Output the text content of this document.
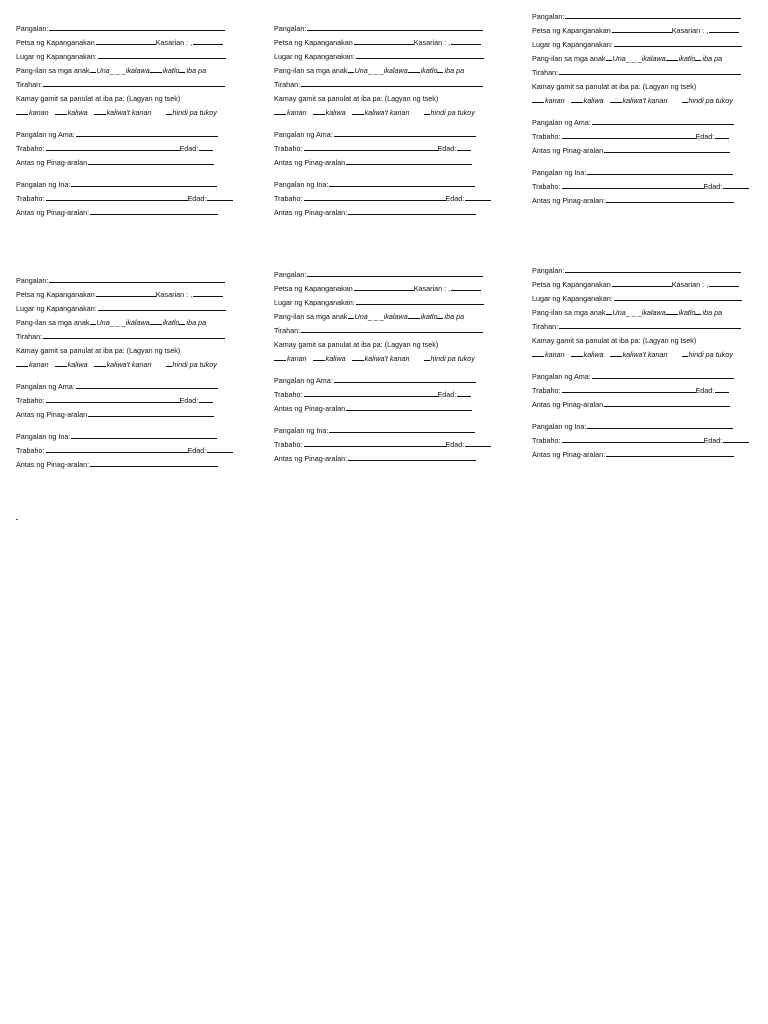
Pangalan:
Petsa ng Kapanganakan	Kasarian : ,
Lugar ng Kapanganakan:
Pang-ilan sa mga anak Una_ _ _ikalawa ikatlo iba pa
Tirahan:
Kamay gamit sa panulat at iba pa: (Lagyan ng tsek)
kanan	kaliwa	kaliwa't kanan	hindi pa tukoy
Pangalan ng Ama:
Trabaho:	Edad:
Antas ng Pinag-aralan
Pangalan ng Ina:
Trabaho:	Edad:
Antas ng Pinag-aralan:
Pangalan:
Petsa ng Kapanganakan	Kasarian : ,
Lugar ng Kapanganakan:
Pang-ilan sa mga anak Una_ _ _ikalawa ikatlo iba pa
Tirahan:
Kamay gamit sa panulat at iba pa: (Lagyan ng tsek)
kanan	kaliwa	kaliwa't kanan	hindi pa tukoy
Pangalan ng Ama:
Trabaho:	Edad:
Antas ng Pinag-aralan
Pangalan ng Ina:
Trabaho:	Edad:
Antas ng Pinag-aralan:
Pangalan:
Petsa ng Kapanganakan	Kasarian : ,
Lugar ng Kapanganakan:
Pang-ilan sa mga anak Una_ _ _ikalawa ikatlo iba pa
Tirahan:
Kamay gamit sa panulat at iba pa: (Lagyan ng tsek)
kanan	kaliwa	kaliwa't kanan	hindi pa tukoy
Pangalan ng Ama:
Trabaho:	Edad:
Antas ng Pinag-aralan
Pangalan ng Ina:
Trabaho:	Edad:
Antas ng Pinag-aralan:
Pangalan:
Petsa ng Kapanganakan	Kasarian : ,
Lugar ng Kapanganakan:
Pang-ilan sa mga anak Una_ _ _ikalawa ikatlo iba pa
Tirahan:
Kamay gamit sa panulat at iba pa: (Lagyan ng tsek)
kanan	kaliwa	kaliwa't kanan	hindi pa tukoy
Pangalan ng Ama:
Trabaho:	Edad:
Antas ng Pinag-aralan
Pangalan ng Ina:
Trabaho:	Edad:
Antas ng Pinag-aralan:
Pangalan:
Petsa ng Kapanganakan	Kasarian : ,
Lugar ng Kapanganakan:
Pang-ilan sa mga anak Una_ _ _ikalawa ikatlo iba pa
Tirahan:
Kamay gamit sa panulat at iba pa: (Lagyan ng tsek)
kanan	kaliwa	kaliwa't kanan	hindi pa tukoy
Pangalan ng Ama:
Trabaho:	Edad:
Antas ng Pinag-aralan
Pangalan ng Ina:
Trabaho:	Edad:
Antas ng Pinag-aralan:
Pangalan:
Petsa ng Kapanganakan	Kasarian : ,
Lugar ng Kapanganakan:
Pang-ilan sa mga anak Una_ _ _ikalawa ikatlo iba pa
Tirahan:
Kamay gamit sa panulat at iba pa: (Lagyan ng tsek)
kanan	kaliwa	kaliwa't kanan	hindi pa tukoy
Pangalan ng Ama:
Trabaho:	Edad:
Antas ng Pinag-aralan
Pangalan ng Ina:
Trabaho:	Edad:
Antas ng Pinag-aralan:
